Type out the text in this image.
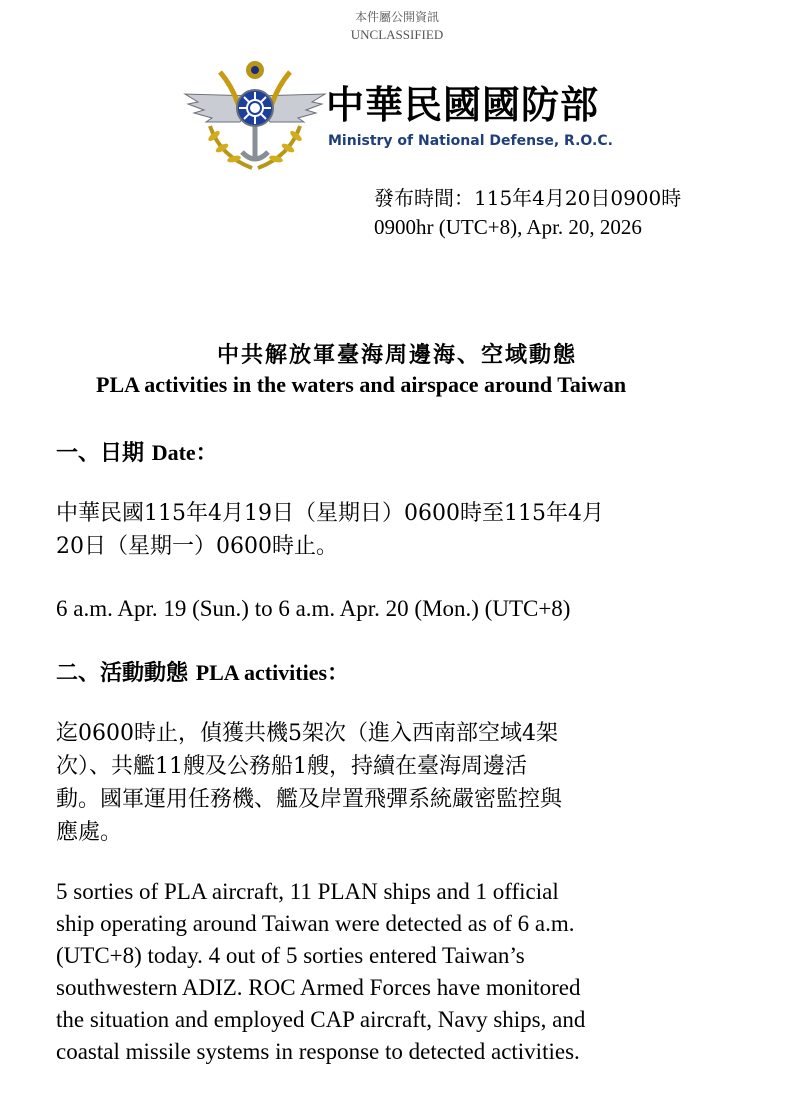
本件屬公開資訊
UNCLASSIFIED
中華民國國防部
Ministry of National Defense, R.O.C.
發布時間：115年4月20日0900時
0900hr (UTC+8), Apr. 20, 2026
中共解放軍臺海周邊海、空域動態
PLA activities in the waters and airspace around Taiwan
一、日期 Date：
中華民國115年4月19日（星期日）0600時至115年4月
20日（星期一）0600時止。
6 a.m. Apr. 19 (Sun.) to 6 a.m. Apr. 20 (Mon.) (UTC+8)
二、活動動態 PLA activities：
迄0600時止，偵獲共機5架次（進入西南部空域4架
次）、共艦11艘及公務船1艘，持續在臺海周邊活
動。國軍運用任務機、艦及岸置飛彈系統嚴密監控與
應處。
5 sorties of PLA aircraft, 11 PLAN ships and 1 official
ship operating around Taiwan were detected as of 6 a.m.
(UTC+8) today. 4 out of 5 sorties entered Taiwan’s
southwestern ADIZ. ROC Armed Forces have monitored
the situation and employed CAP aircraft, Navy ships, and
coastal missile systems in response to detected activities.
